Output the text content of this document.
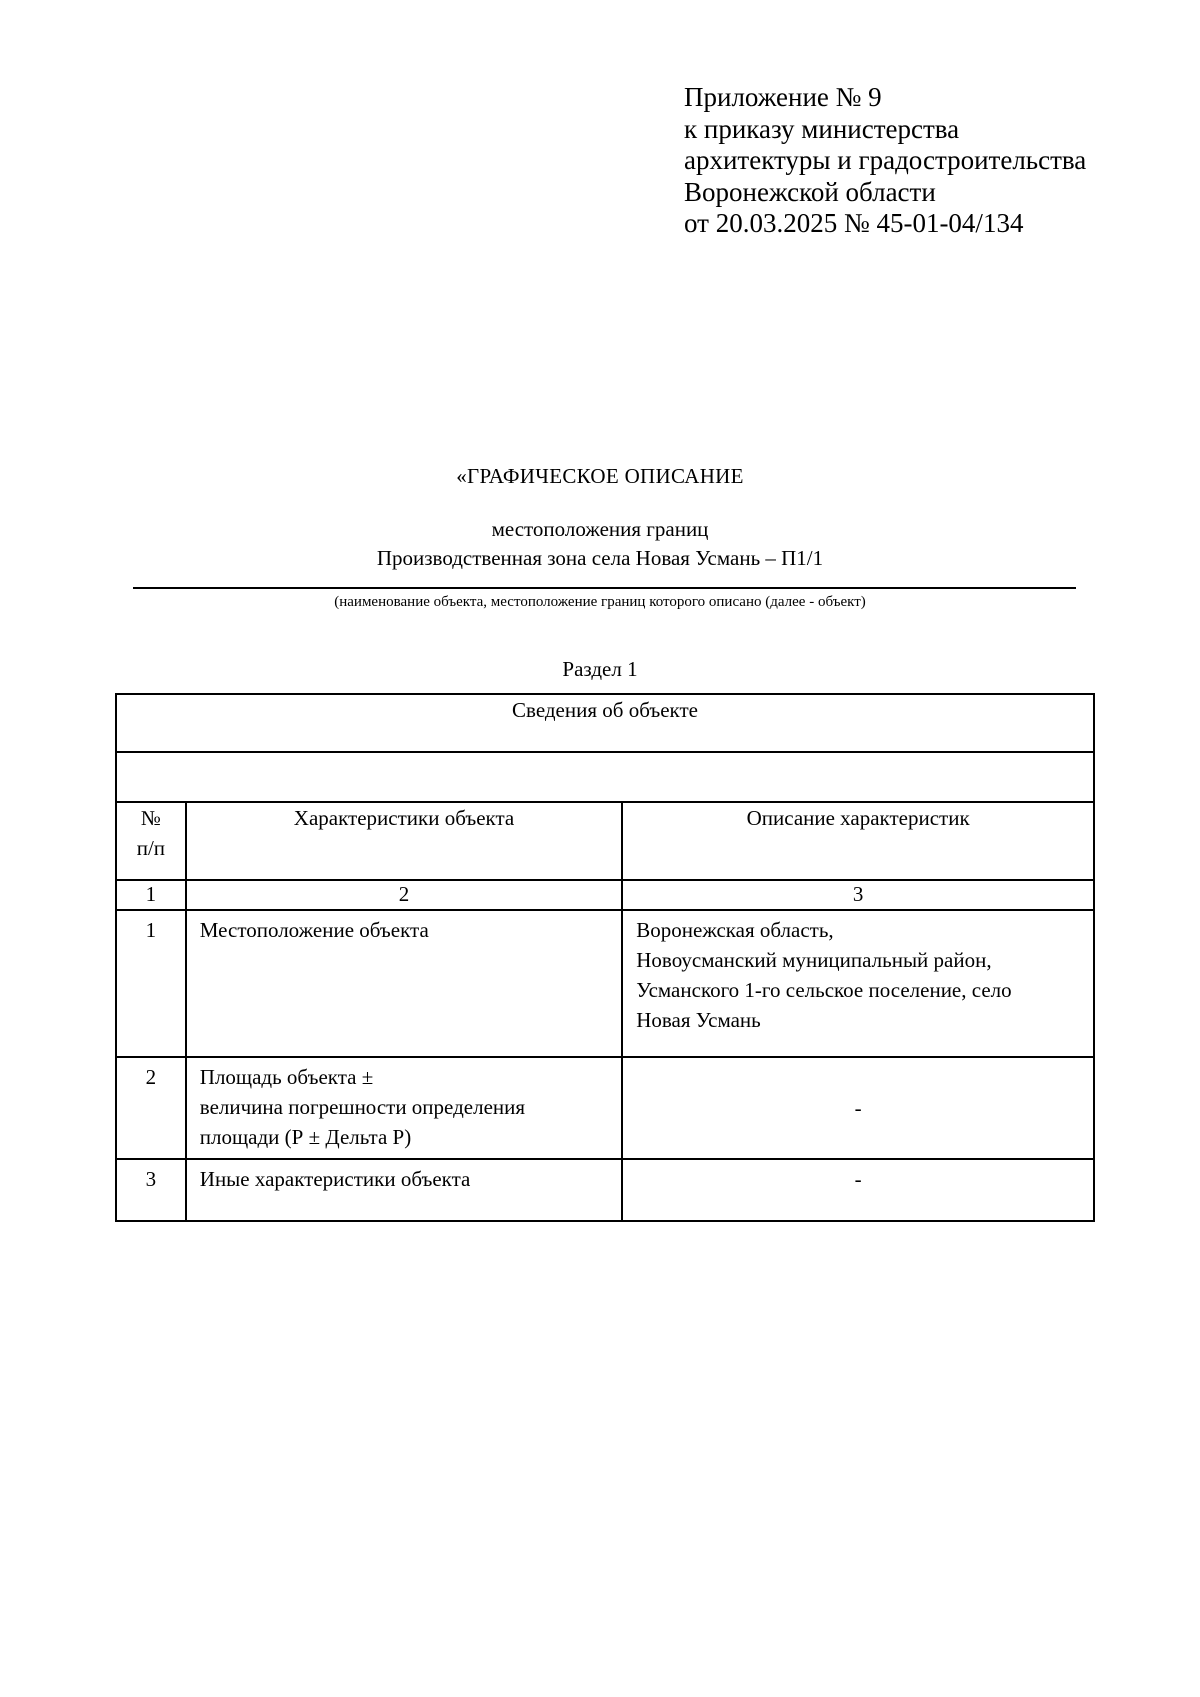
Приложение № 9
к приказу министерства
архитектуры и градостроительства
Воронежской области
от 20.03.2025 № 45-01-04/134
«ГРАФИЧЕСКОЕ ОПИСАНИЕ
местоположения границ
Производственная зона села Новая Усмань – П1/1
(наименование объекта, местоположение границ которого описано (далее - объект)
Раздел 1
Сведения об объекте		

№
п/п	Характеристики объекта	Описание характеристик
1	2	3
1	Местоположение объекта	Воронежская область,
Новоусманский муниципальный район,
Усманского 1-го сельское поселение, село
Новая Усмань

2	Площадь объекта ±
величина погрешности определения
площади (Р ± Дельта Р)	-

3	Иные характеристики объекта	-
